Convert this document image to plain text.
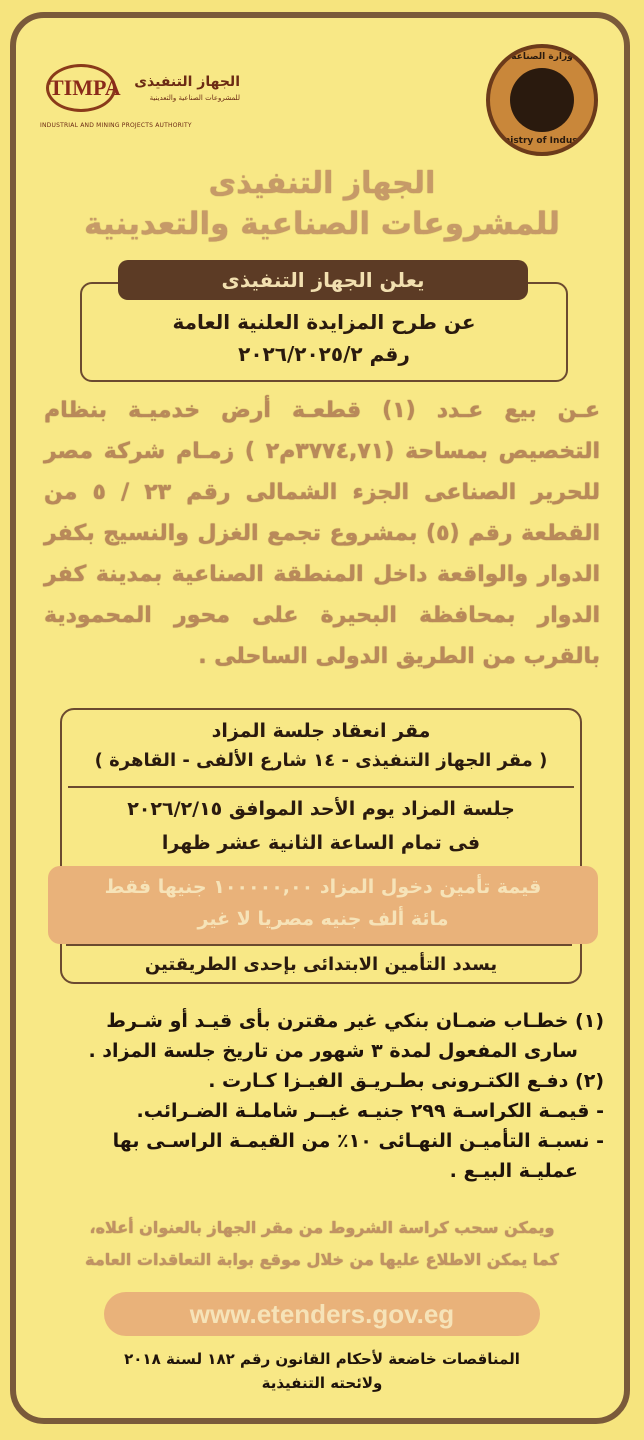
وزارة الصناعة
Ministry of Industry
TIMPA الجهاز التنفيذى
للمشروعات الصناعية والتعدينية
INDUSTRIAL AND MINING PROJECTS AUTHORITY
الجهاز التنفيذى
للمشروعات الصناعية والتعدينية
عن طرح المزايدة العلنية العامة
رقم ٢٠٢٦/٢٠٢٥/٢
يعلن الجهاز التنفيذى
عـن بيع عـدد (١) قطعـة أرض خدميـة بنظام التخصيص بمساحة (٣٧٧٤,٧١م٢ ) زمـام شركة مصر للحرير الصناعى الجزء الشمالى رقم ٢٣ / ٥ من القطعة رقم (٥) بمشروع تجمع الغزل والنسيج بكفر الدوار والواقعة داخل المنطقة الصناعية بمدينة كفر الدوار بمحافظة البحيرة على محور المحمودية بالقرب من الطريق الدولى الساحلى .
مقر انعقاد جلسة المزاد
( مقر الجهاز التنفيذى - ١٤ شارع الألفى - القاهرة )
جلسة المزاد يوم الأحد الموافق ٢٠٢٦/٢/١٥
فى تمام الساعة الثانية عشر ظهرا
يسدد التأمين الابتدائى بإحدى الطريقتين
قيمة تأمين دخول المزاد ١٠٠٠٠٠,٠٠ جنيها فقط
مائة ألف جنيه مصريا لا غير

(١) خطـاب ضمـان بنكي غير مقترن بأى قيـد أو شـرط

سارى المفعول لمدة ٣ شهور من تاريخ جلسة المزاد .

(٢) دفـع الكتـرونى بطـريـق الفيـزا كـارت .

- قيمـة الكراسـة ٢٩٩ جنيـه غيــر شاملـة الضـرائب.

- نسبـة التأميـن النهـائى ١٠٪ من القيمـة الراسـى بها

عمليـة البيـع .

ويمكن سحب كراسة الشروط من مقر الجهاز بالعنوان أعلاه،
كما يمكن الاطلاع عليها من خلال موقع بوابة التعاقدات العامة
www.etenders.gov.eg
المناقصات خاضعة لأحكام القانون رقم ١٨٢ لسنة ٢٠١٨
ولائحته التنفيذية
